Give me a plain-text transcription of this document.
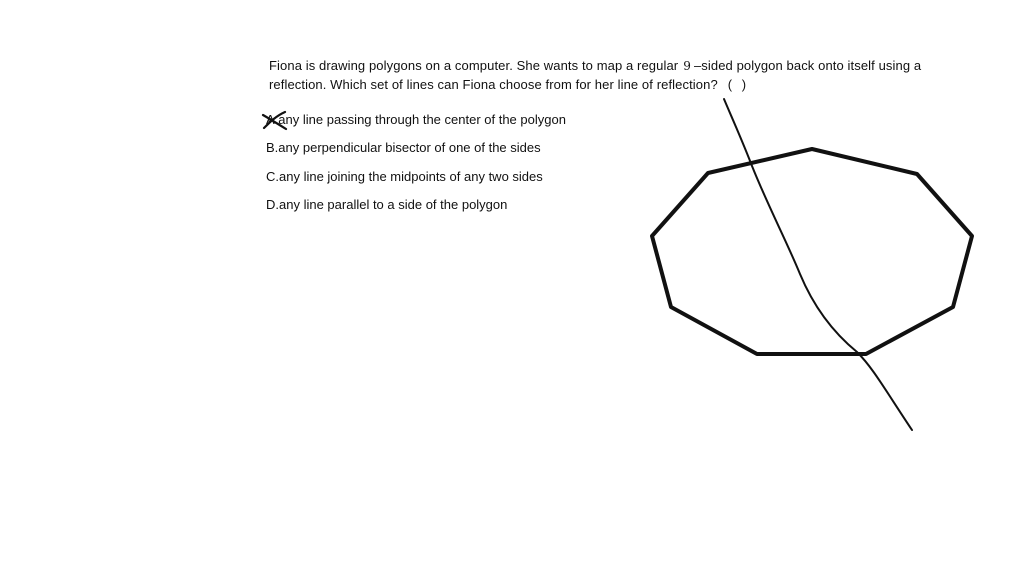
Fiona is drawing polygons on a computer. She wants to map a regular 9 –sided polygon back onto itself using a reflection. Which set of lines can Fiona choose from for her line of reflection? ( )
A.any line passing through the center of the polygon
B.any perpendicular bisector of one of the sides
C.any line joining the midpoints of any two sides
D.any line parallel to a side of the polygon
